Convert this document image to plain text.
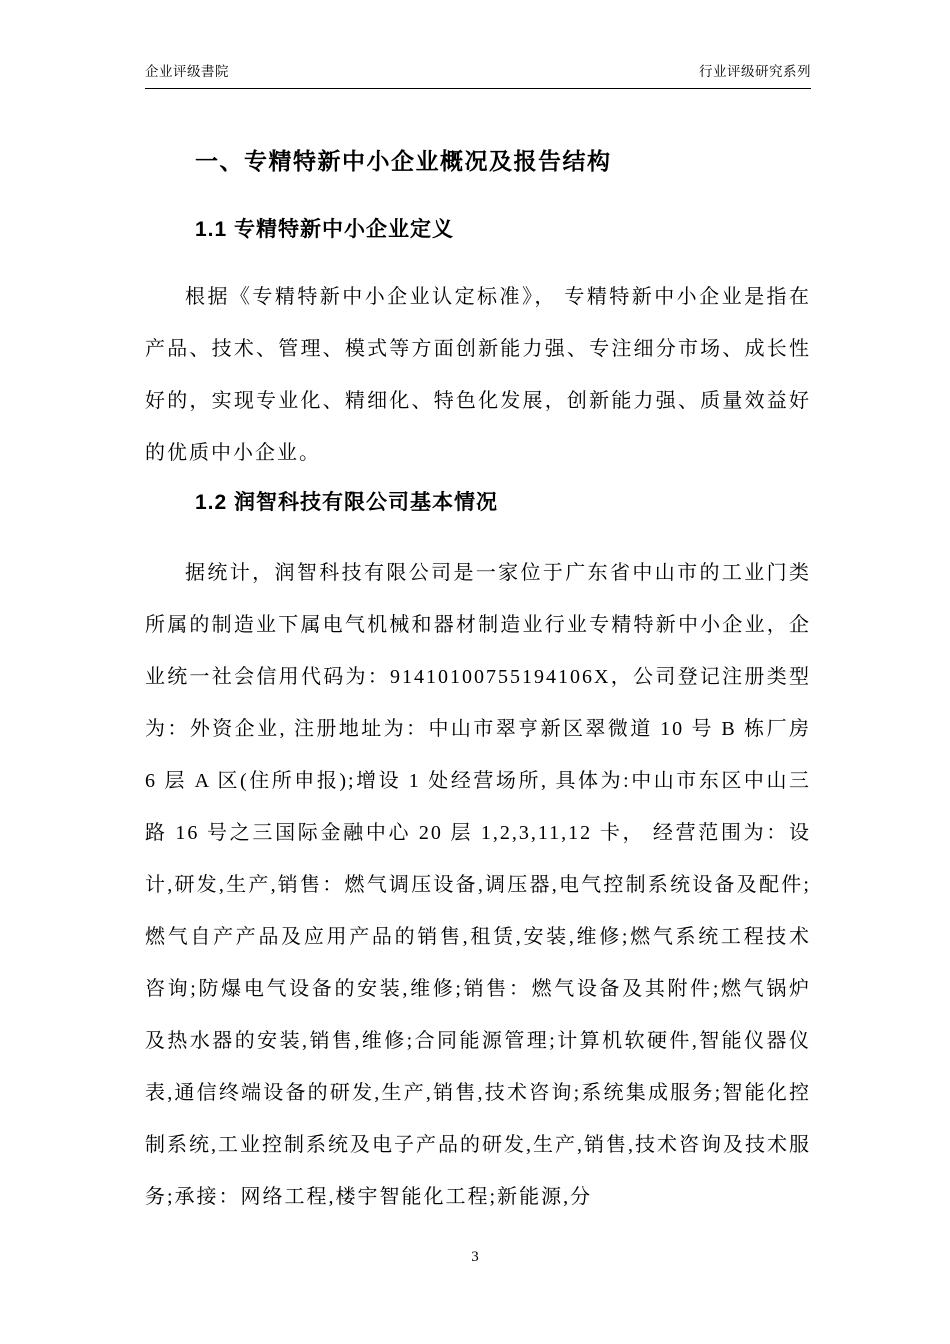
企业评级書院	行业评级研究系列
一、专精特新中小企业概况及报告结构
1.1 专精特新中小企业定义

根据《专精特新中小企业认定标准》， 专精特新中小企业是指在产品、技术、管理、模式等方面创新能力强、专注细分市场、成长性好的，实现专业化、精细化、特色化发展，创新能力强、质量效益好的优质中小企业。

1.2 润智科技有限公司基本情况

据统计，润智科技有限公司是一家位于广东省中山市的工业门类所属的制造业下属电气机械和器材制造业行业专精特新中小企业，企业统一社会信用代码为：91410100755194106X，公司登记注册类型为：外资企业, 注册地址为：中山市翠亨新区翠微道 10 号 B 栋厂房 6 层 A 区(住所申报);增设 1 处经营场所, 具体为:中山市东区中山三路 16 号之三国际金融中心 20 层 1,2,3,11,12 卡， 经营范围为：设计,研发,生产,销售：燃气调压设备,调压器,电气控制系统设备及配件;燃气自产产品及应用产品的销售,租赁,安装,维修;燃气系统工程技术咨询;防爆电气设备的安装,维修;销售：燃气设备及其附件;燃气锅炉及热水器的安装,销售,维修;合同能源管理;计算机软硬件,智能仪器仪表,通信终端设备的研发,生产,销售,技术咨询;系统集成服务;智能化控制系统,工业控制系统及电子产品的研发,生产,销售,技术咨询及技术服务;承接：网络工程,楼宇智能化工程;新能源,分

3
